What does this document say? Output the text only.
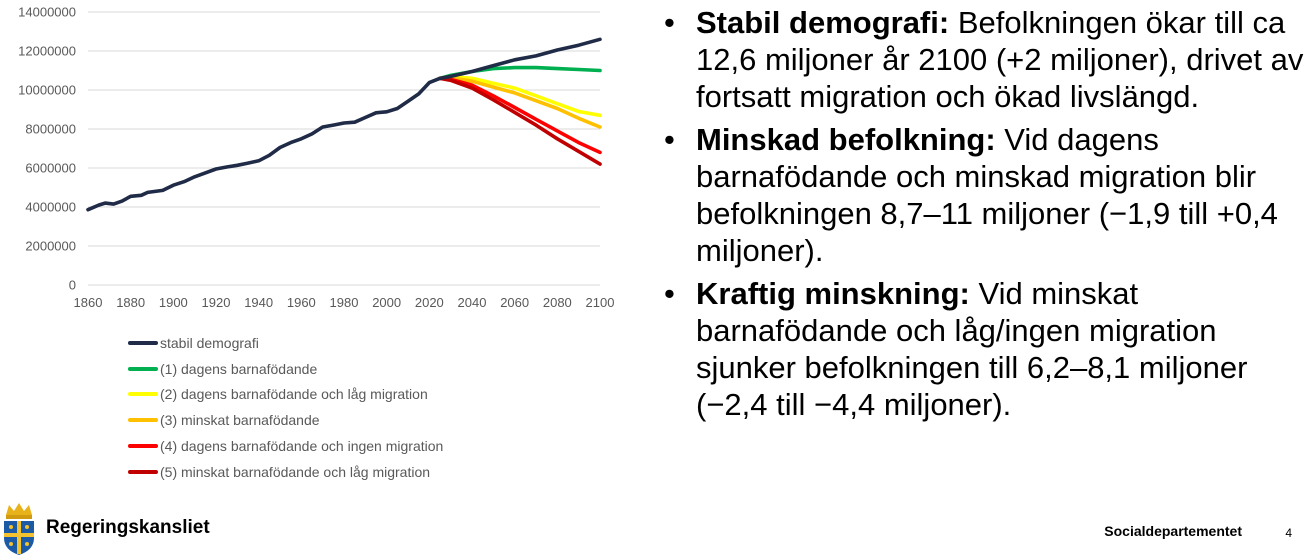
0
2000000
4000000
6000000
8000000
10000000
12000000
14000000
1860 1880 1900 1920 1940 1960 1980 2000 2020 2040 2060 2080 2100
stabil demografi
(1) dagens barnafödande
(2) dagens barnafödande och låg migration
(3) minskat barnafödande
(4) dagens barnafödande och ingen migration
(5) minskat barnafödande och låg migration
• Stabil demografi: Befolkningen ökar till ca 12,6 miljoner år 2100 (+2 miljoner), drivet av fortsatt migration och ökad livslängd.
• Minskad befolkning: Vid dagens barnafödande och minskad migration blir befolkningen 8,7–11 miljoner (−1,9 till +0,4 miljoner).
• Kraftig minskning: Vid minskat barnafödande och låg/ingen migration sjunker befolkningen till 6,2–8,1 miljoner (−2,4 till −4,4 miljoner).
Regeringskansliet	Socialdepartementet	4
